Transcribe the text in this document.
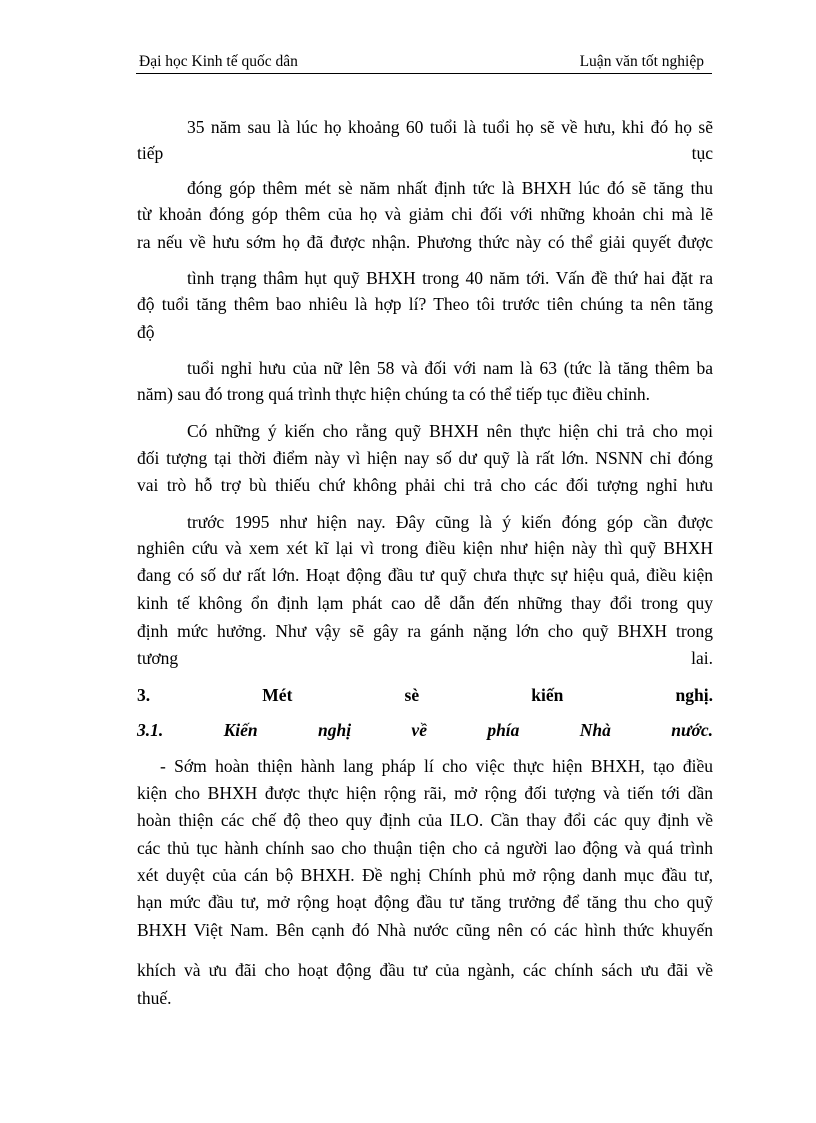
Đại học Kinh tế quốc dân	Luận văn tốt nghiệp
35 năm sau là lúc họ khoảng 60 tuổi là tuổi họ sẽ về hưu, khi đó họ sẽ
tiếp tục
đóng góp thêm mét sè năm nhất định tức là BHXH lúc đó sẽ tăng thu
từ khoản đóng góp thêm của họ và giảm chi đối với những khoản chi mà lẽ
ra nếu về hưu sớm họ đã được nhận. Phương thức này có thể giải quyết được
tình trạng thâm hụt quỹ BHXH trong 40 năm tới. Vấn đề thứ hai đặt ra
độ tuổi tăng thêm bao nhiêu là hợp lí? Theo tôi trước tiên chúng ta nên tăng
độ
tuổi nghỉ hưu của nữ lên 58 và đối với nam là 63 (tức là tăng thêm ba
năm) sau đó trong quá trình thực hiện chúng ta có thể tiếp tục điều chỉnh.
Có những ý kiến cho rằng quỹ BHXH nên thực hiện chi trả cho mọi
đối tượng tại thời điểm này vì hiện nay số dư quỹ là rất lớn. NSNN chỉ đóng
vai trò hỗ trợ bù thiếu chứ không phải chi trả cho các đối tượng nghỉ hưu
trước 1995 như hiện nay. Đây cũng là ý kiến đóng góp cần được
nghiên cứu và xem xét kĩ lại vì trong điều kiện như hiện này thì quỹ BHXH
đang có số dư rất lớn. Hoạt động đầu tư quỹ chưa thực sự hiệu quả, điều kiện
kinh tế không ổn định lạm phát cao dễ dẫn đến những thay đổi trong quy
định mức hưởng. Như vậy sẽ gây ra gánh nặng lớn cho quỹ BHXH trong
tương lai.
3. Mét sè kiến nghị.
3.1. Kiến nghị về phía Nhà nước.
- Sớm hoàn thiện hành lang pháp lí cho việc thực hiện BHXH, tạo điều
kiện cho BHXH được thực hiện rộng rãi, mở rộng đối tượng và tiến tới dần
hoàn thiện các chế độ theo quy định của ILO. Cần thay đổi các quy định về
các thủ tục hành chính sao cho thuận tiện cho cả người lao động và quá trình
xét duyệt của cán bộ BHXH. Đề nghị Chính phủ mở rộng danh mục đầu tư,
hạn mức đầu tư, mở rộng hoạt động đầu tư tăng trưởng để tăng thu cho quỹ
BHXH Việt Nam. Bên cạnh đó Nhà nước cũng nên có các hình thức khuyến
khích và ưu đãi cho hoạt động đầu tư của ngành, các chính sách ưu đãi về
thuế.
